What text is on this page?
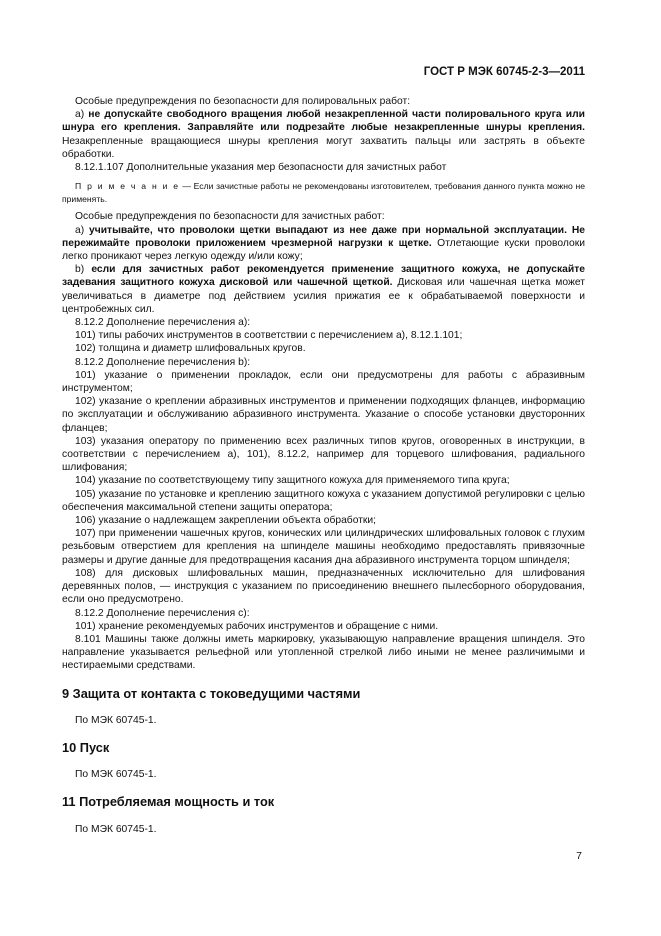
ГОСТ Р МЭК 60745-2-3—2011

Особые предупреждения по безопасности для полировальных работ:

а) не допускайте свободного вращения любой незакрепленной части полировального круга или шнура его крепления. Заправляйте или подрезайте любые незакрепленные шнуры крепления. Незакрепленные вращающиеся шнуры крепления могут захватить пальцы или застрять в объекте обработки.

8.12.1.107 Дополнительные указания мер безопасности для зачистных работ

П р и м е ч а н и е — Если зачистные работы не рекомендованы изготовителем, требования данного пункта можно не применять.

Особые предупреждения по безопасности для зачистных работ:

а) учитывайте, что проволоки щетки выпадают из нее даже при нормальной эксплуатации. Не пережимайте проволоки приложением чрезмерной нагрузки к щетке. Отлетающие куски проволоки легко проникают через легкую одежду и/или кожу;

b) если для зачистных работ рекомендуется применение защитного кожуха, не допускайте задевания защитного кожуха дисковой или чашечной щеткой. Дисковая или чашечная щетка может увеличиваться в диаметре под действием усилия прижатия ее к обрабатываемой поверхности и центробежных сил.

8.12.2 Дополнение перечисления а):

101) типы рабочих инструментов в соответствии с перечислением а), 8.12.1.101;

102) толщина и диаметр шлифовальных кругов.

8.12.2 Дополнение перечисления b):

101) указание о применении прокладок, если они предусмотрены для работы с абразивным инструментом;

102) указание о креплении абразивных инструментов и применении подходящих фланцев, информацию по эксплуатации и обслуживанию абразивного инструмента. Указание о способе установки двусторонних фланцев;

103) указания оператору по применению всех различных типов кругов, оговоренных в инструкции, в соответствии с перечислением а), 101), 8.12.2, например для торцевого шлифования, радиального шлифования;

104) указание по соответствующему типу защитного кожуха для применяемого типа круга;

105) указание по установке и креплению защитного кожуха с указанием допустимой регулировки с целью обеспечения максимальной степени защиты оператора;

106) указание о надлежащем закреплении объекта обработки;

107) при применении чашечных кругов, конических или цилиндрических шлифовальных головок с глухим резьбовым отверстием для крепления на шпинделе машины необходимо предоставлять привязочные размеры и другие данные для предотвращения касания дна абразивного инструмента торцом шпинделя;

108) для дисковых шлифовальных машин, предназначенных исключительно для шлифования деревянных полов, — инструкция с указанием по присоединению внешнего пылесборного оборудования, если оно предусмотрено.

8.12.2 Дополнение перечисления с):

101) хранение рекомендуемых рабочих инструментов и обращение с ними.

8.101 Машины также должны иметь маркировку, указывающую направление вращения шпинделя. Это направление указывается рельефной или утопленной стрелкой либо иными не менее различимыми и нестираемыми средствами.

9 Защита от контакта с токоведущими частями

По МЭК 60745-1.

10 Пуск

По МЭК 60745-1.

11 Потребляемая мощность и ток

По МЭК 60745-1.

7
